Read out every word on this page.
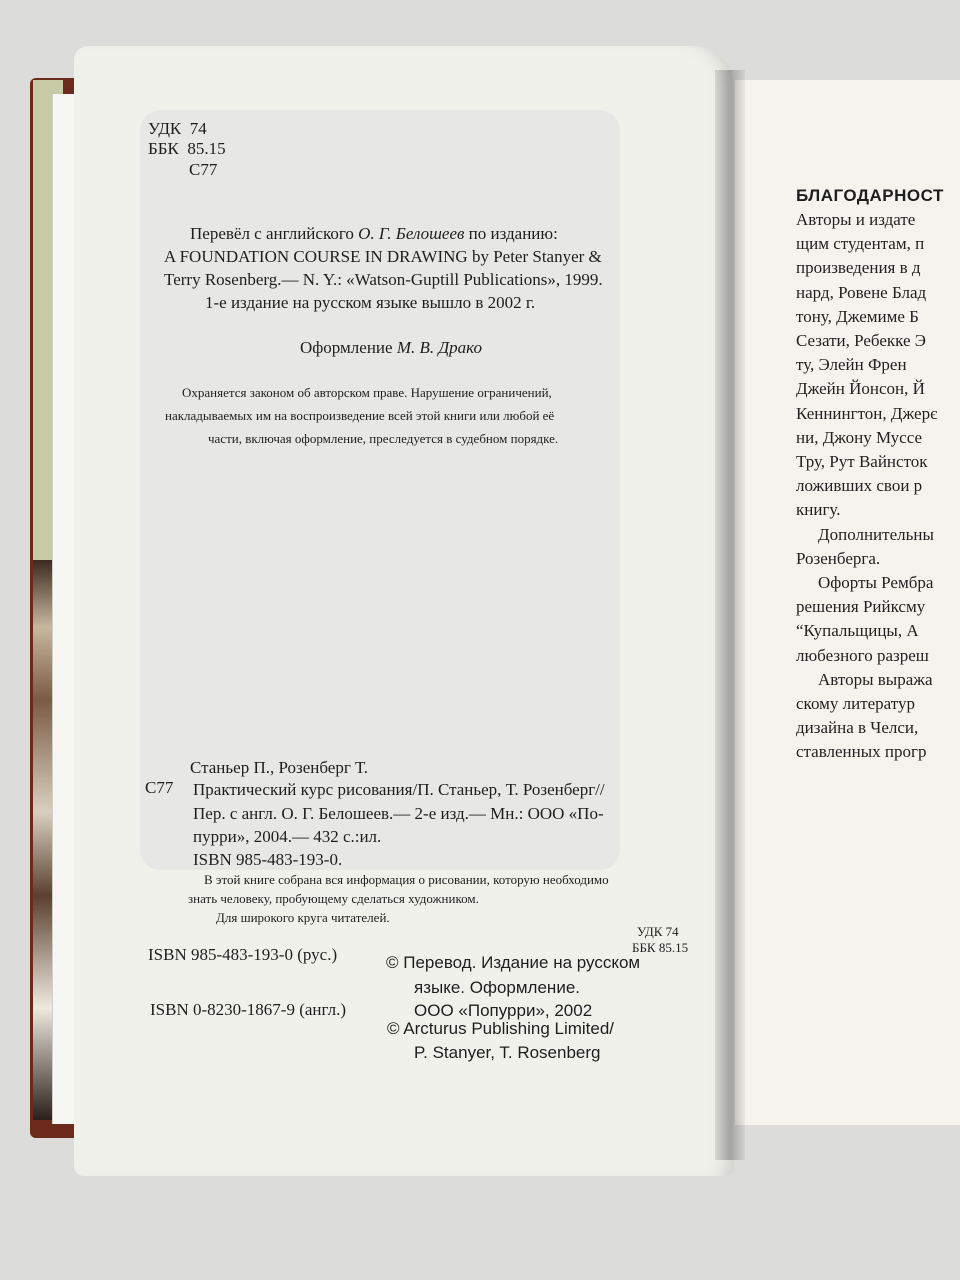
УДК 74
ББК 85.15
С77
Перевёл с английского О. Г. Белошеев по изданию:
A FOUNDATION COURSE IN DRAWING by Peter Stanyer &
Terry Rosenberg.— N. Y.: «Watson-Guptill Publications», 1999.
1-е издание на русском языке вышло в 2002 г.
Оформление М. В. Драко
Охраняется законом об авторском праве. Нарушение ограничений,
накладываемых им на воспроизведение всей этой книги или любой её
части, включая оформление, преследуется в судебном порядке.
Станьер П., Розенберг Т.
С77 Практический курс рисования/П. Станьер, Т. Розенберг//
Пер. с англ. О. Г. Белошеев.— 2-е изд.— Мн.: ООО «По-
пурри», 2004.— 432 с.:ил.
ISBN 985-483-193-0.
В этой книге собрана вся информация о рисовании, которую необходимо
знать человеку, пробующему сделаться художником.
Для широкого круга читателей.
УДК 74
ББК 85.15
ISBN 985-483-193-0 (рус.)	© Перевод. Издание на русском
языке. Оформление.
ООО «Попурри», 2002
ISBN 0-8230-1867-9 (англ.)
© Arcturus Publishing Limited/
P. Stanyer, T. Rosenberg
БЛАГОДАРНОСТ
Авторы и издате
щим студентам, п
произведения в д
нард, Ровене Блад
тону, Джемиме Б
Сезати, Ребекке Э
ту, Элейн Френ
Джейн Йонсон, Й
Кеннингтон, Джерє
ни, Джону Муссе
Тру, Рут Вайнсток
ложивших свои р
книгу.
Дополнительны
Розенберга.
Офорты Рембра
решения Рийксму
“Купальщицы, А
любезного разреш
Авторы выража
скому литератур
дизайна в Челси,
ставленных прогр
